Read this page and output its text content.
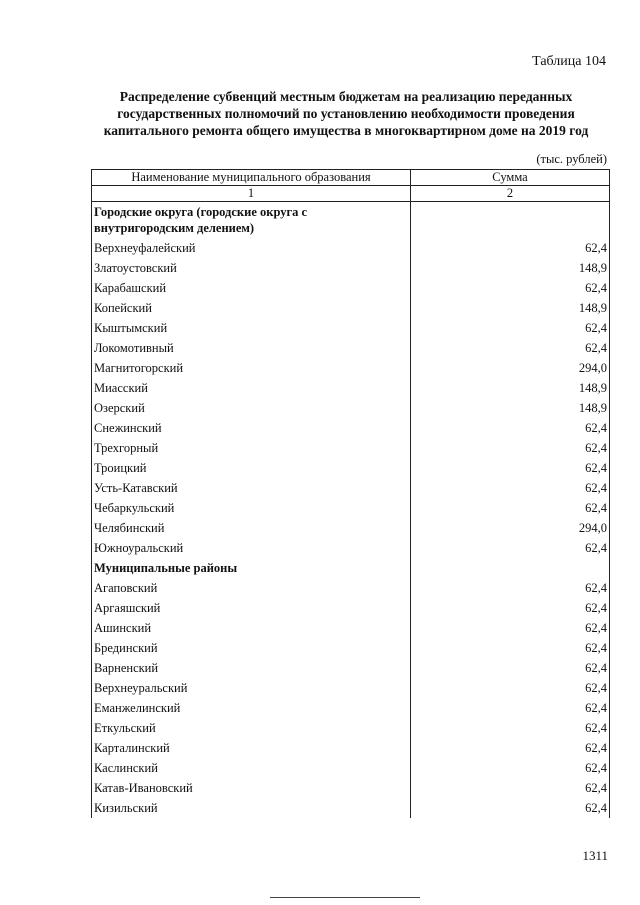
Таблица 104
Распределение субвенций местным бюджетам на реализацию переданных государственных полномочий по установлению необходимости проведения капитального ремонта общего имущества в многоквартирном доме на 2019 год
(тыс. рублей)
Наименование муниципального образования	Сумма
1	2
Городские округа (городские округа с внутригородским делением)	
Верхнеуфалейский	62,4
Златоустовский	148,9
Карабашский	62,4
Копейский	148,9
Кыштымский	62,4
Локомотивный	62,4
Магнитогорский	294,0
Миасский	148,9
Озерский	148,9
Снежинский	62,4
Трехгорный	62,4
Троицкий	62,4
Усть-Катавский	62,4
Чебаркульский	62,4
Челябинский	294,0
Южноуральский	62,4
Муниципальные районы	
Агаповский	62,4
Аргаяшский	62,4
Ашинский	62,4
Брединский	62,4
Варненский	62,4
Верхнеуральский	62,4
Еманжелинский	62,4
Еткульский	62,4
Карталинский	62,4
Каслинский	62,4
Катав-Ивановский	62,4
Кизильский	62,4
1311
